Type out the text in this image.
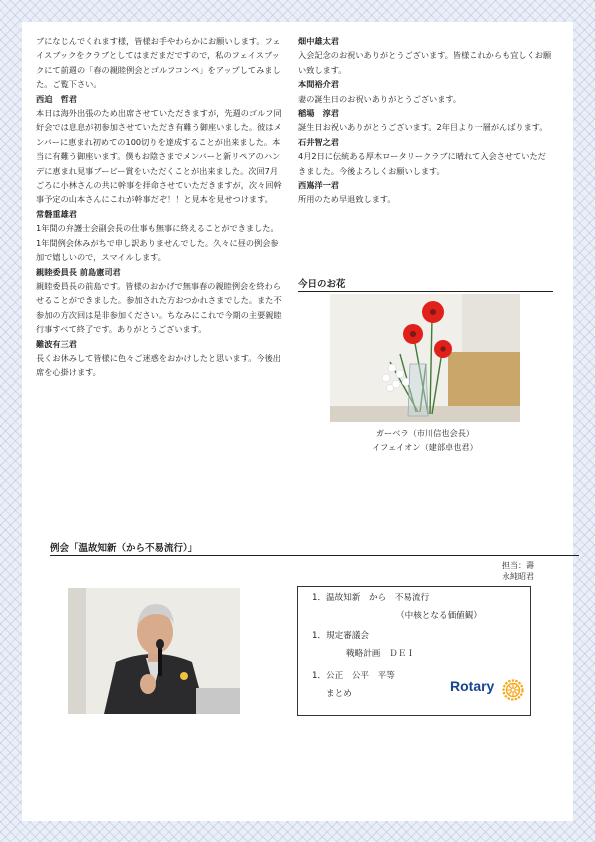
ブになじんでくれます様，皆様お手やわらかにお願いします。フェイスブックをクラブとしてはまだまだですので，私のフェイスブックにて前週の「春の親睦例会とゴルフコンペ」をアップしてみました。ご覧下さい。
西迫　哲君
本日は海外出張のため出席させていただきますが，先週のゴルフ同好会では息息が初参加させていただき有難う御座いました。彼はメンバーに恵まれ初めての100切りを達成することが出来ました。本当に有難う御座います。僕もお陰さまでメンバーと新リペアのハンデに恵まれ見事ブービー賞をいただくことが出来ました。次回7月ごろに小林さんの共に幹事を拝命させていただきますが，次々回幹事予定の山本さんにこれが幹事だぞ！！と見本を見せつけます。
常磐重雄君
1年間の弁護士会副会長の仕事も無事に終えることができました。1年間例会休みがちで申し訳ありませんでした。久々に昼の例会参加で嬉しいので，スマイルします。
親睦委員長 前島憲司君
親睦委員長の前島です。皆様のおかげで無事春の親睦例会を終わらせることができました。参加された方おつかれさまでした。また不参加の方次回は是非参加ください。ちなみにこれで今期の主要親睦行事すべて終了です。ありがとうございます。
難波有三君
長くお休みして皆様に色々ご迷惑をおかけしたと思います。今後出席を心掛けます。
畑中雄太君
入会記念のお祝いありがとうございます。皆様これからも宜しくお願い致します。
本間裕介君
妻の誕生日のお祝いありがとうございます。
稲場　淳君
誕生日お祝いありがとうございます。2年目より一層がんばります。
石井智之君
4月2日に伝統ある厚木ロータリークラブに晴れて入会させていただきました。今後よろしくお願いします。
西嶌洋一君
所用のため早退致します。
今日のお花
ガーベラ（市川信也会長）
イフェイオン（建部卓也君）
例会「温故知新（から不易流行）」
担当：壽永純昭君
1．温故知新　から　不易流行
（中核となる価値観）
1．規定審議会
戦略計画　ＤＥＩ
1．公正　公平　平等
まとめ	Rotary
